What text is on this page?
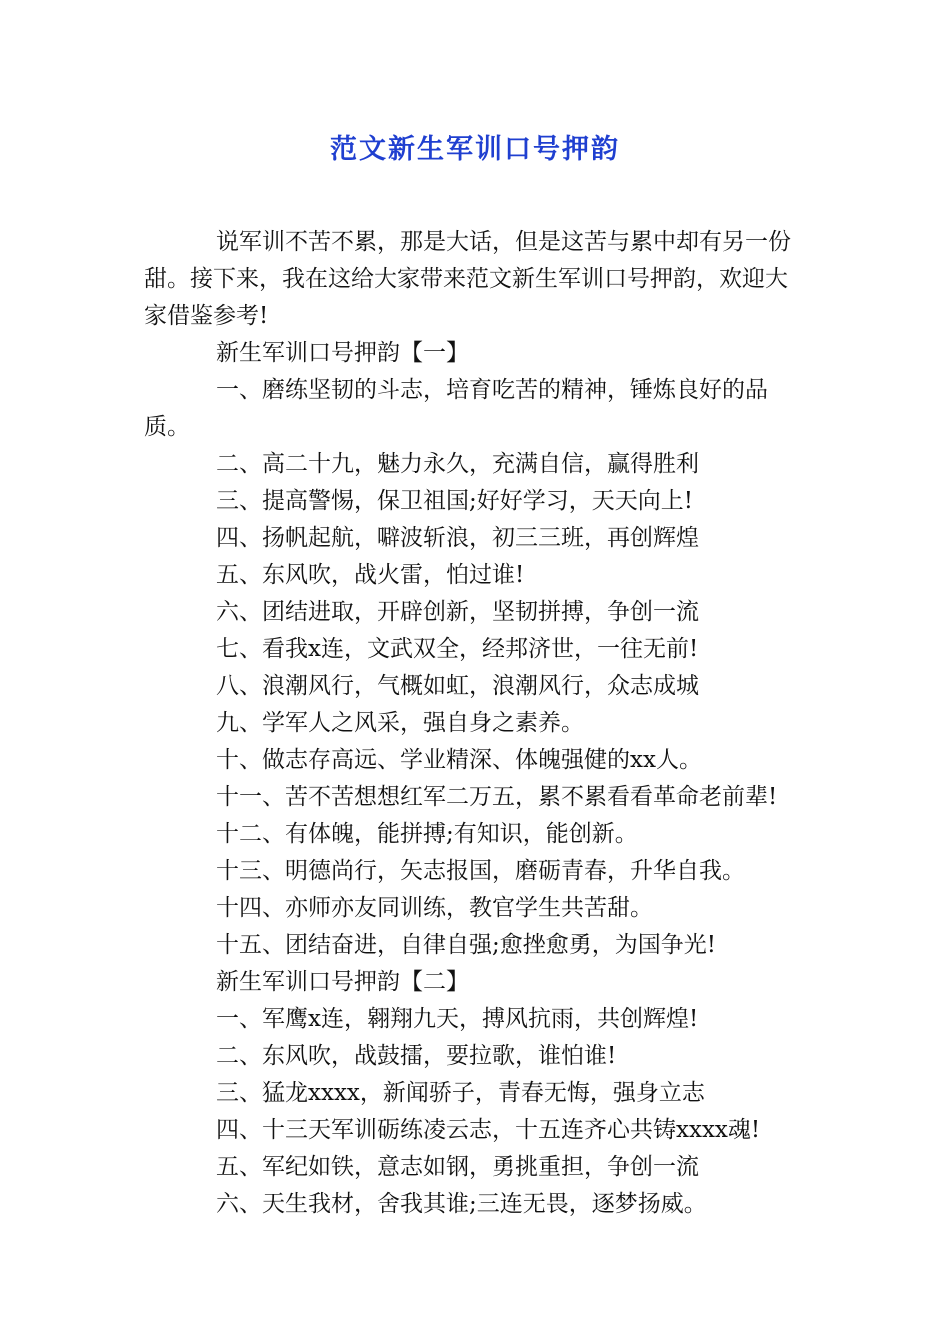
范文新生军训口号押韵

说军训不苦不累，那是大话，但是这苦与累中却有另一份甜。接下来，我在这给大家带来范文新生军训口号押韵，欢迎大家借鉴参考!

新生军训口号押韵【一】
一、磨练坚韧的斗志，培育吃苦的精神，锤炼良好的品质。
二、高二十九，魅力永久，充满自信，赢得胜利
三、提高警惕，保卫祖国;好好学习，天天向上!
四、扬帆起航，噼波斩浪，初三三班，再创辉煌
五、东风吹，战火雷，怕过谁!
六、团结进取，开辟创新，坚韧拼搏，争创一流
七、看我x连，文武双全，经邦济世，一往无前!
八、浪潮风行，气概如虹，浪潮风行，众志成城
九、学军人之风采，强自身之素养。
十、做志存高远、学业精深、体魄强健的xx人。
十一、苦不苦想想红军二万五，累不累看看革命老前辈!
十二、有体魄，能拼搏;有知识，能创新。
十三、明德尚行，矢志报国，磨砺青春，升华自我。
十四、亦师亦友同训练，教官学生共苦甜。
十五、团结奋进，自律自强;愈挫愈勇，为国争光!
新生军训口号押韵【二】
一、军鹰x连，翱翔九天，搏风抗雨，共创辉煌!
二、东风吹，战鼓擂，要拉歌，谁怕谁!
三、猛龙xxxx，新闻骄子，青春无悔，强身立志
四、十三天军训砺练凌云志，十五连齐心共铸xxxx魂!
五、军纪如铁，意志如钢，勇挑重担，争创一流
六、天生我材，舍我其谁;三连无畏，逐梦扬威。
